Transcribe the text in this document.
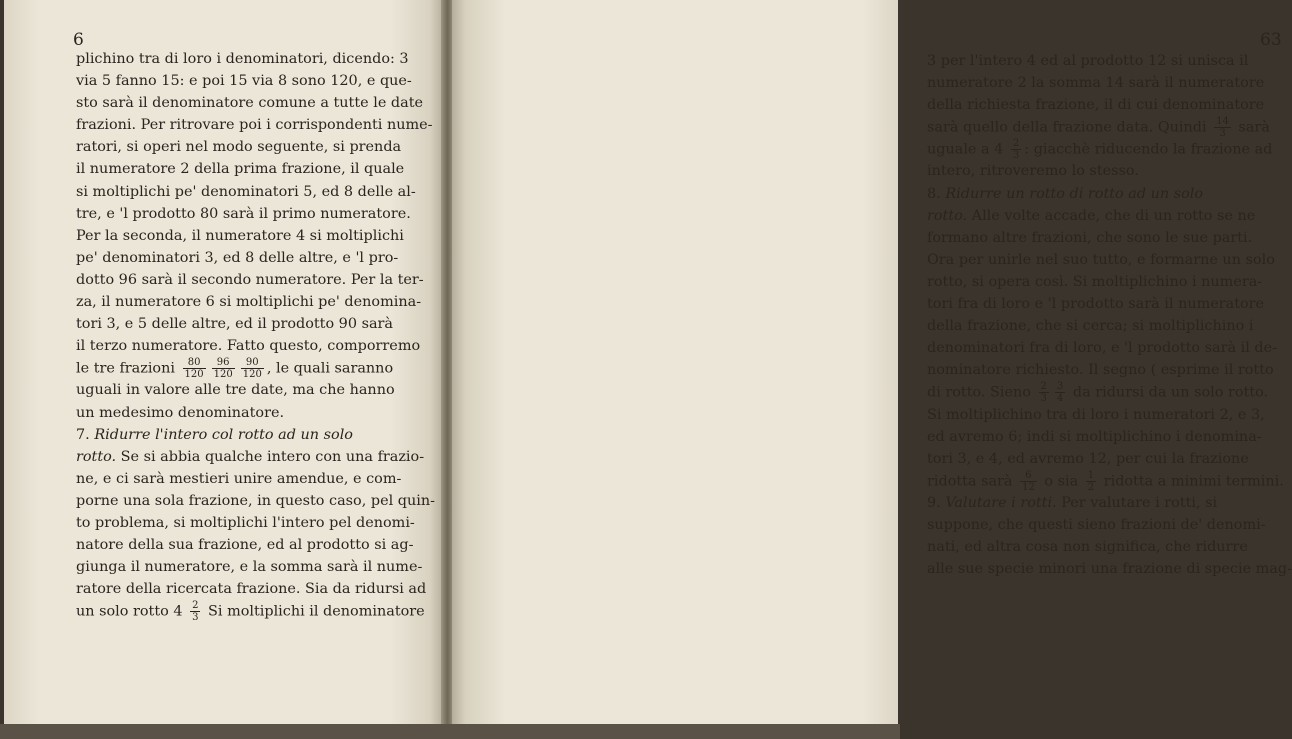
6
plichino tra di loro i denominatori, dicendo: 3
via 5 fanno 15: e poi 15 via 8 sono 120, e que-
sto sarà il denominatore comune a tutte le date
frazioni. Per ritrovare poi i corrispondenti nume-
ratori, si operi nel modo seguente, si prenda
il numeratore 2 della prima frazione, il quale
si moltiplichi pe' denominatori 5, ed 8 delle al-
tre, e 'l prodotto 80 sarà il primo numeratore.
Per la seconda, il numeratore 4 si moltiplichi
pe' denominatori 3, ed 8 delle altre, e 'l pro-
dotto 96 sarà il secondo numeratore. Per la ter-
za, il numeratore 6 si moltiplichi pe' denomina-
tori 3, e 5 delle altre, ed il prodotto 90 sarà
il terzo numeratore. Fatto questo, comporremo
le tre frazioni $\frac{80}{120} \frac{96}{120} \frac{90}{120}$ , le quali saranno
uguali in valore alle tre date, ma che hanno
un medesimo denominatore.
7. Ridurre l'intero col rotto ad un solo
rotto. Se si abbia qualche intero con una frazio-
ne, e ci sarà mestieri unire amendue, e com-
porne una sola frazione, in questo caso, pel quin-
to problema, si moltiplichi l'intero pel denomi-
natore della sua frazione, ed al prodotto si ag-
giunga il numeratore, e la somma sarà il nume-
ratore della ricercata frazione. Sia da ridursi ad
un solo rotto $4 \frac{2}{3}$ Si moltiplichi il denominatore
63
3 per l'intero 4 ed al prodotto 12 si unisca il
numeratore 2 la somma 14 sarà il numeratore
della richiesta frazione, il di cui denominatore
sarà quello della frazione data. Quindi $\frac{14}{3}$ sarà
uguale a $4 \frac{2}{3}$ : giacchè riducendo la frazione ad
intero, ritroveremo lo stesso.
8. Ridurre un rotto di rotto ad un solo
rotto. Alle volte accade, che di un rotto se ne
formano altre frazioni, che sono le sue parti.
Ora per unirle nel suo tutto, e formarne un solo
rotto, si opera così. Si moltiplichino i numera-
tori fra di loro e 'l prodotto sarà il numeratore
della frazione, che si cerca; si moltiplichino i
denominatori fra di loro, e 'l prodotto sarà il de-
nominatore richiesto. Il segno ( esprime il rotto
di rotto. Sieno $\frac{2}{3} \frac{3}{4}$ da ridursi da un solo rotto.
Si moltiplichino tra di loro i numeratori 2, e 3,
ed avremo 6; indi si moltiplichino i denomina-
tori 3, e 4, ed avremo 12, per cui la frazione
ridotta sarà $\frac{6}{12}$ o sia $\frac{1}{2}$ ridotta a minimi termini.
9. Valutare i rotti. Per valutare i rotti, si
suppone, che questi sieno frazioni de' denomi-
nati, ed altra cosa non significa, che ridurre
alle sue specie minori una frazione di specie mag-
